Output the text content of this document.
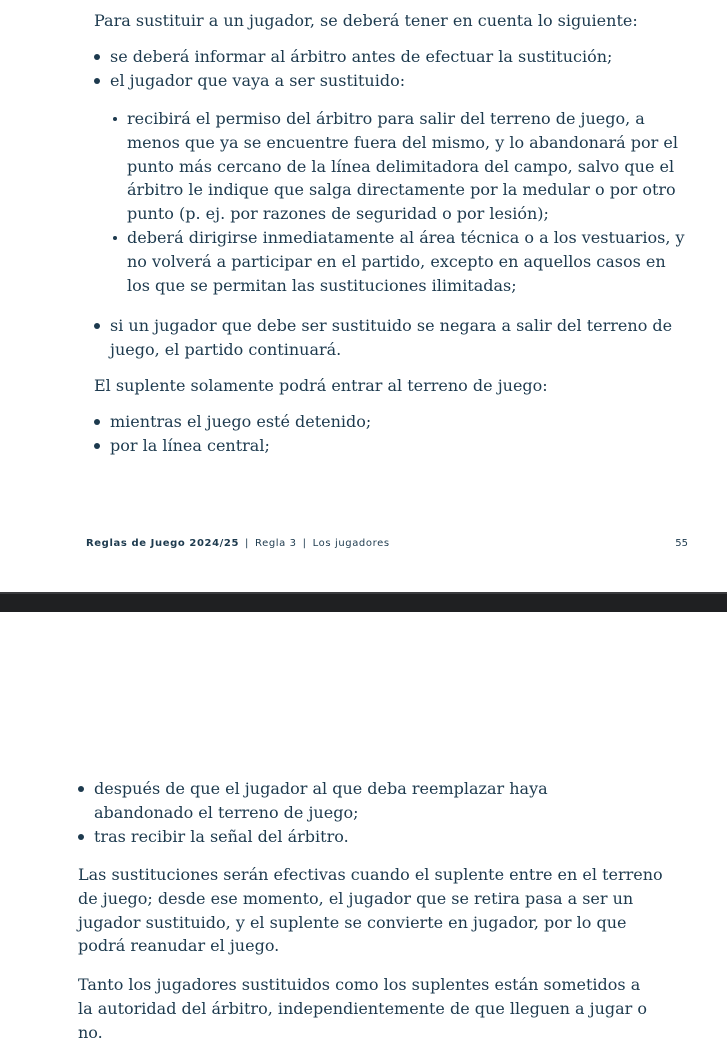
Para sustituir a un jugador, se deberá tener en cuenta lo siguiente:

se deberá informar al árbitro antes de efectuar la sustitución;
el jugador que vaya a ser sustituido:
recibirá el permiso del árbitro para salir del terreno de juego, a menos que ya se encuentre fuera del mismo, y lo abandonará por el punto más cercano de la línea delimitadora del campo, salvo que el árbitro le indique que salga directamente por la medular o por otro punto (p. ej. por razones de seguridad o por lesión);
deberá dirigirse inmediatamente al área técnica o a los vestuarios, y no volverá a participar en el partido, excepto en aquellos casos en los que se permitan las sustituciones ilimitadas;
si un jugador que debe ser sustituido se negara a salir del terreno de juego, el partido continuará.

El suplente solamente podrá entrar al terreno de juego:

mientras el juego esté detenido;
por la línea central;
Reglas de Juego 2024/25 | Regla 3 | Los jugadores	55
después de que el jugador al que deba reemplazar haya abandonado el terreno de juego;
tras recibir la señal del árbitro.

Las sustituciones serán efectivas cuando el suplente entre en el terreno de juego; desde ese momento, el jugador que se retira pasa a ser un jugador sustituido, y el suplente se convierte en jugador, por lo que podrá reanudar el juego.

Tanto los jugadores sustituidos como los suplentes están sometidos a la autoridad del árbitro, independientemente de que lleguen a jugar o no.
